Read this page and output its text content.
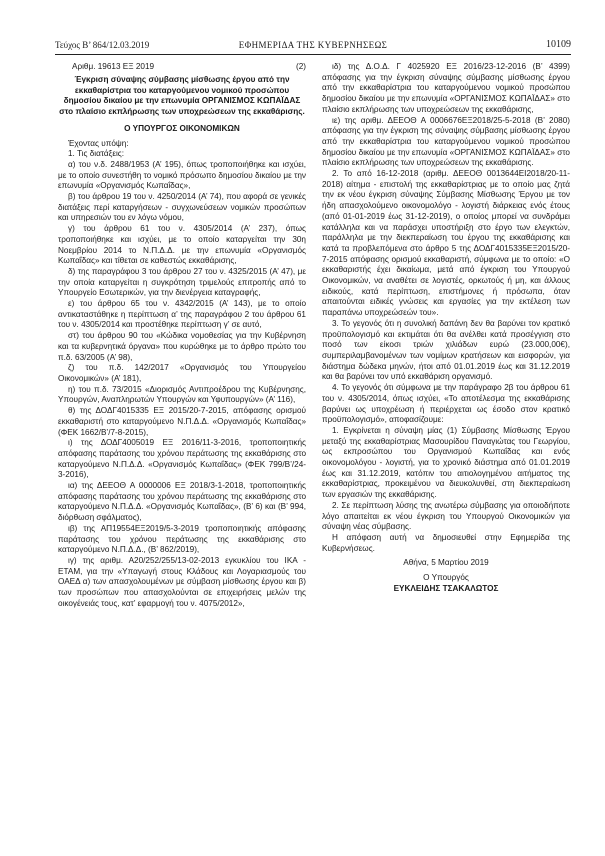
Τεύχος Β’ 864/12.03.2019	ΕΦΗΜΕΡΙΔΑ ΤΗΣ ΚΥΒΕΡΝΗΣΕΩΣ	10109
Αριθμ. 19613 ΕΞ 2019	(2)

Έγκριση σύναψης σύμβασης μίσθωσης έργου από την εκκαθαρίστρια του καταργούμενου νομικού προσώπου δημοσίου δικαίου με την επωνυμία ΟΡΓΑΝΙΣΜΟΣ ΚΩΠΑΪΔΑΣ στο πλαίσιο εκπλήρωσης των υποχρεώσεων της εκκαθάρισης.

Ο ΥΠΟΥΡΓΟΣ ΟΙΚΟΝΟΜΙΚΩΝ

Έχοντας υπόψη:

1. Τις διατάξεις:

α) του ν.δ. 2488/1953 (Α’ 195), όπως τροποποιήθηκε και ισχύει, με το οποίο συνεστήθη το νομικό πρόσωπο δημοσίου δικαίου με την επωνυμία «Οργανισμός Κωπαΐδας»,

β) του άρθρου 19 του ν. 4250/2014 (Α’ 74), που αφορά σε γενικές διατάξεις περί καταργήσεων - συγχωνεύσεων νομικών προσώπων και υπηρεσιών του εν λόγω νόμου,

γ) του άρθρου 61 του ν. 4305/2014 (Α’ 237), όπως τροποποιήθηκε και ισχύει, με το οποίο καταργείται την 30η Νοεμβρίου 2014 το Ν.Π.Δ.Δ. με την επωνυμία «Οργανισμός Κωπαΐδας» και τίθεται σε καθεστώς εκκαθάρισης,

δ) της παραγράφου 3 του άρθρου 27 του ν. 4325/2015 (Α’ 47), με την οποία καταργείται η συγκρότηση τριμελούς επιτροπής από το Υπουργείο Εσωτερικών, για την διενέργεια καταγραφής,

ε) του άρθρου 65 του ν. 4342/2015 (Α’ 143), με το οποίο αντικαταστάθηκε η περίπτωση α’ της παραγράφου 2 του άρθρου 61 του ν. 4305/2014 και προστέθηκε περίπτωση γ’ σε αυτό,

στ) του άρθρου 90 του «Κώδικα νομοθεσίας για την Κυβέρνηση και τα κυβερνητικά όργανα» που κυρώθηκε με το άρθρο πρώτο του π.δ. 63/2005 (Α’ 98),

ζ) του π.δ. 142/2017 «Οργανισμός του Υπουργείου Οικονομικών» (Α’ 181),

η) του π.δ. 73/2015 «Διορισμός Αντιπροέδρου της Κυβέρνησης, Υπουργών, Αναπληρωτών Υπουργών και Υφυπουργών» (Α’ 116),

θ) της ΔΟΔΓ4015335 ΕΞ 2015/20-7-2015, απόφασης ορισμού εκκαθαριστή στο καταργούμενο Ν.Π.Δ.Δ. «Οργανισμός Κωπαΐδας» (ΦΕΚ 1662/Β’/7-8-2015),

ι) της ΔΟΔΓ4005019 ΕΞ 2016/11-3-2016, τροποποιητικής απόφασης παράτασης του χρόνου περάτωσης της εκκαθάρισης στο καταργούμενο Ν.Π.Δ.Δ. «Οργανισμός Κωπαΐδας» (ΦΕΚ 799/Β’/24-3-2016),

ια) της ΔΕΕΟΘ Α 0000006 ΕΞ 2018/3-1-2018, τροποποιητικής απόφασης παράτασης του χρόνου περάτωσης της εκκαθάρισης στο καταργούμενο Ν.Π.Δ.Δ. «Οργανισμός Κωπαΐδας», (Β’ 6) και (Β’ 994, διόρθωση σφάλματος),

ιβ) της ΑΠ19554ΕΞ2019/5-3-2019 τροποποιητικής απόφασης παράτασης του χρόνου περάτωσης της εκκαθάρισης στο καταργούμενο Ν.Π.Δ.Δ., (Β’ 862/2019),

ιγ) της αριθμ. Α20/252/255/13-02-2013 εγκυκλίου του ΙΚΑ - ΕΤΑΜ, για την «Υπαγωγή στους Κλάδους και Λογαριασμούς του ΟΑΕΔ α) των απασχολουμένων με σύμβαση μίσθωσης έργου και β) των προσώπων που απασχολούνται σε επιχειρήσεις μελών της οικογένειάς τους, κατ’ εφαρμογή του ν. 4075/2012»,

ιδ) της Δ.Ο.Δ. Γ 4025920 ΕΞ 2016/23-12-2016 (Β’ 4399) απόφασης για την έγκριση σύναψης σύμβασης μίσθωσης έργου από την εκκαθαρίστρια του καταργούμενου νομικού προσώπου δημοσίου δικαίου με την επωνυμία «ΟΡΓΑΝΙΣΜΟΣ ΚΩΠΑΪΔΑΣ» στο πλαίσιο εκπλήρωσης των υποχρεώσεων της εκκαθάρισης,

ιε) της αριθμ. ΔΕΕΟΘ Α 0006676ΕΞ2018/25-5-2018 (Β’ 2080) απόφασης για την έγκριση της σύναψης σύμβασης μίσθωσης έργου από την εκκαθαρίστρια του καταργούμενου νομικού προσώπου δημοσίου δικαίου με την επωνυμία «ΟΡΓΑΝΙΣΜΟΣ ΚΩΠΑΪΔΑΣ» στο πλαίσιο εκπλήρωσης των υποχρεώσεων της εκκαθάρισης.

2. Το από 16-12-2018 (αριθμ. ΔΕΕΟΘ 0013644ΕΙ2018/20-11-2018) αίτημα - επιστολή της εκκαθαρίστριας με το οποίο μας ζητά την εκ νέου έγκριση σύναψης Σύμβασης Μίσθωσης Έργου με τον ήδη απασχολούμενο οικονομολόγο - λογιστή διάρκειας ενός έτους (από 01-01-2019 έως 31-12-2019), ο οποίος μπορεί να συνδράμει κατάλληλα και να παράσχει υποστήριξη στο έργο των ελεγκτών, παράλληλα με την διεκπεραίωση του έργου της εκκαθάρισης και κατά τα προβλεπόμενα στο άρθρο 5 της ΔΟΔΓ4015335ΕΞ2015/20-7-2015 απόφασης ορισμού εκκαθαριστή, σύμφωνα με το οποίο: «Ο εκκαθαριστής έχει δικαίωμα, μετά από έγκριση του Υπουργού Οικονομικών, να αναθέτει σε λογιστές, ορκωτούς ή μη, και άλλους ειδικούς, κατά περίπτωση, επιστήμονες ή πρόσωπα, όταν απαιτούνται ειδικές γνώσεις και εργασίες για την εκτέλεση των παραπάνω υποχρεώσεών του».

3. Το γεγονός ότι η συνολική δαπάνη δεν θα βαρύνει τον κρατικό προϋπολογισμό και εκτιμάται ότι θα ανέλθει κατά προσέγγιση στο ποσό των είκοσι τριών χιλιάδων ευρώ (23.000,00€), συμπεριλαμβανομένων των νομίμων κρατήσεων και εισφορών, για διάστημα δώδεκα μηνών, ήτοι από 01.01.2019 έως και 31.12.2019 και θα βαρύνει τον υπό εκκαθάριση οργανισμό.

4. Το γεγονός ότι σύμφωνα με την παράγραφο 2β του άρθρου 61 του ν. 4305/2014, όπως ισχύει, «Το αποτέλεσμα της εκκαθάρισης βαρύνει ως υποχρέωση ή περιέρχεται ως έσοδο στον κρατικό προϋπολογισμό», αποφασίζουμε:

1. Εγκρίνεται η σύναψη μίας (1) Σύμβασης Μίσθωσης Έργου μεταξύ της εκκαθαρίστριας Μασουρίδου Παναγιώτας του Γεωργίου, ως εκπροσώπου του Οργανισμού Κωπαΐδας και ενός οικονομολόγου - λογιστή, για το χρονικό διάστημα από 01.01.2019 έως και 31.12.2019, κατόπιν του αιτιολογημένου αιτήματος της εκκαθαρίστριας, προκειμένου να διευκολυνθεί, στη διεκπεραίωση των εργασιών της εκκαθάρισης.

2. Σε περίπτωση λύσης της ανωτέρω σύμβασης για οποιοδήποτε λόγο απαιτείται εκ νέου έγκριση του Υπουργού Οικονομικών για σύναψη νέας σύμβασης.

Η απόφαση αυτή να δημοσιευθεί στην Εφημερίδα της Κυβερνήσεως.

Αθήνα, 5 Μαρτίου 2019
Ο Υπουργός
ΕΥΚΛΕΙΔΗΣ ΤΣΑΚΑΛΩΤΟΣ
